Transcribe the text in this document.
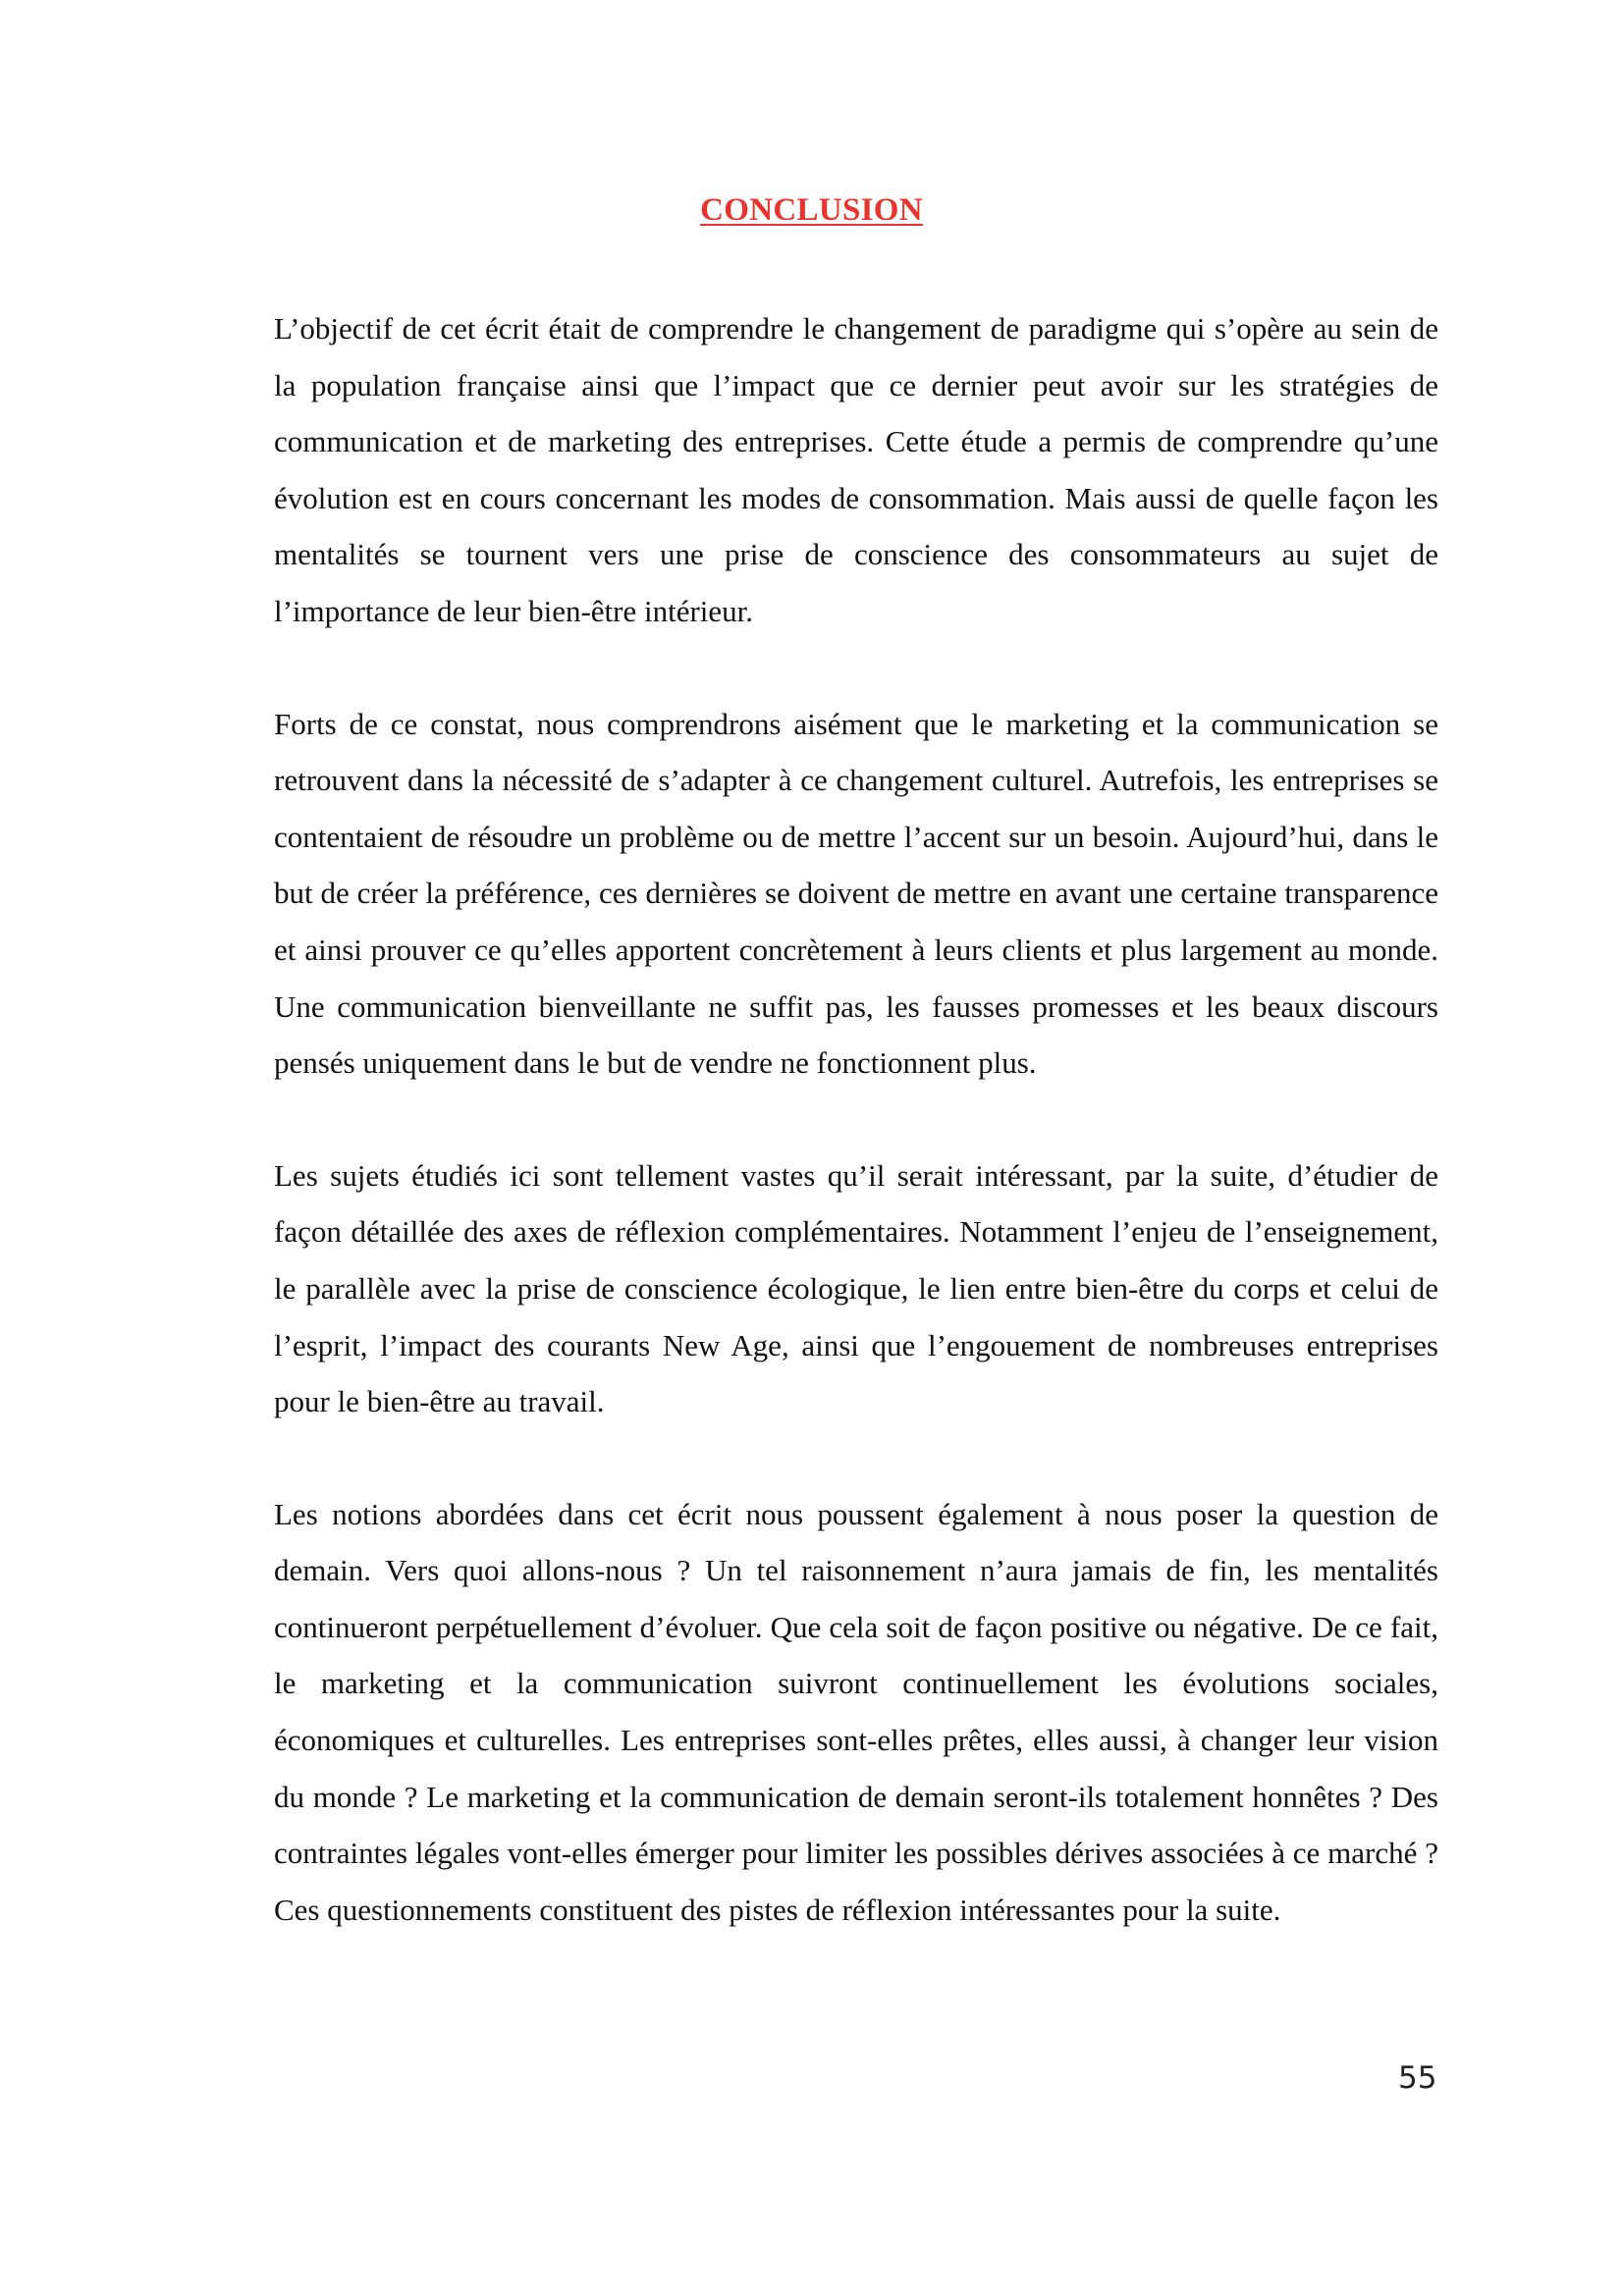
CONCLUSION

L’objectif de cet écrit était de comprendre le changement de paradigme qui s’opère au sein de la population française ainsi que l’impact que ce dernier peut avoir sur les stratégies de communication et de marketing des entreprises. Cette étude a permis de comprendre qu’une évolution est en cours concernant les modes de consommation. Mais aussi de quelle façon les mentalités se tournent vers une prise de conscience des consommateurs au sujet de l’importance de leur bien-être intérieur.

Forts de ce constat, nous comprendrons aisément que le marketing et la communication se retrouvent dans la nécessité de s’adapter à ce changement culturel. Autrefois, les entreprises se contentaient de résoudre un problème ou de mettre l’accent sur un besoin. Aujourd’hui, dans le but de créer la préférence, ces dernières se doivent de mettre en avant une certaine transparence et ainsi prouver ce qu’elles apportent concrètement à leurs clients et plus largement au monde. Une communication bienveillante ne suffit pas, les fausses promesses et les beaux discours pensés uniquement dans le but de vendre ne fonctionnent plus.

Les sujets étudiés ici sont tellement vastes qu’il serait intéressant, par la suite, d’étudier de façon détaillée des axes de réflexion complémentaires. Notamment l’enjeu de l’enseignement, le parallèle avec la prise de conscience écologique, le lien entre bien-être du corps et celui de l’esprit, l’impact des courants New Age, ainsi que l’engouement de nombreuses entreprises pour le bien-être au travail.

Les notions abordées dans cet écrit nous poussent également à nous poser la question de demain. Vers quoi allons-nous ? Un tel raisonnement n’aura jamais de fin, les mentalités continueront perpétuellement d’évoluer. Que cela soit de façon positive ou négative. De ce fait, le marketing et la communication suivront continuellement les évolutions sociales, économiques et culturelles. Les entreprises sont-elles prêtes, elles aussi, à changer leur vision du monde ? Le marketing et la communication de demain seront-ils totalement honnêtes ? Des contraintes légales vont-elles émerger pour limiter les possibles dérives associées à ce marché ? Ces questionnements constituent des pistes de réflexion intéressantes pour la suite.

55
